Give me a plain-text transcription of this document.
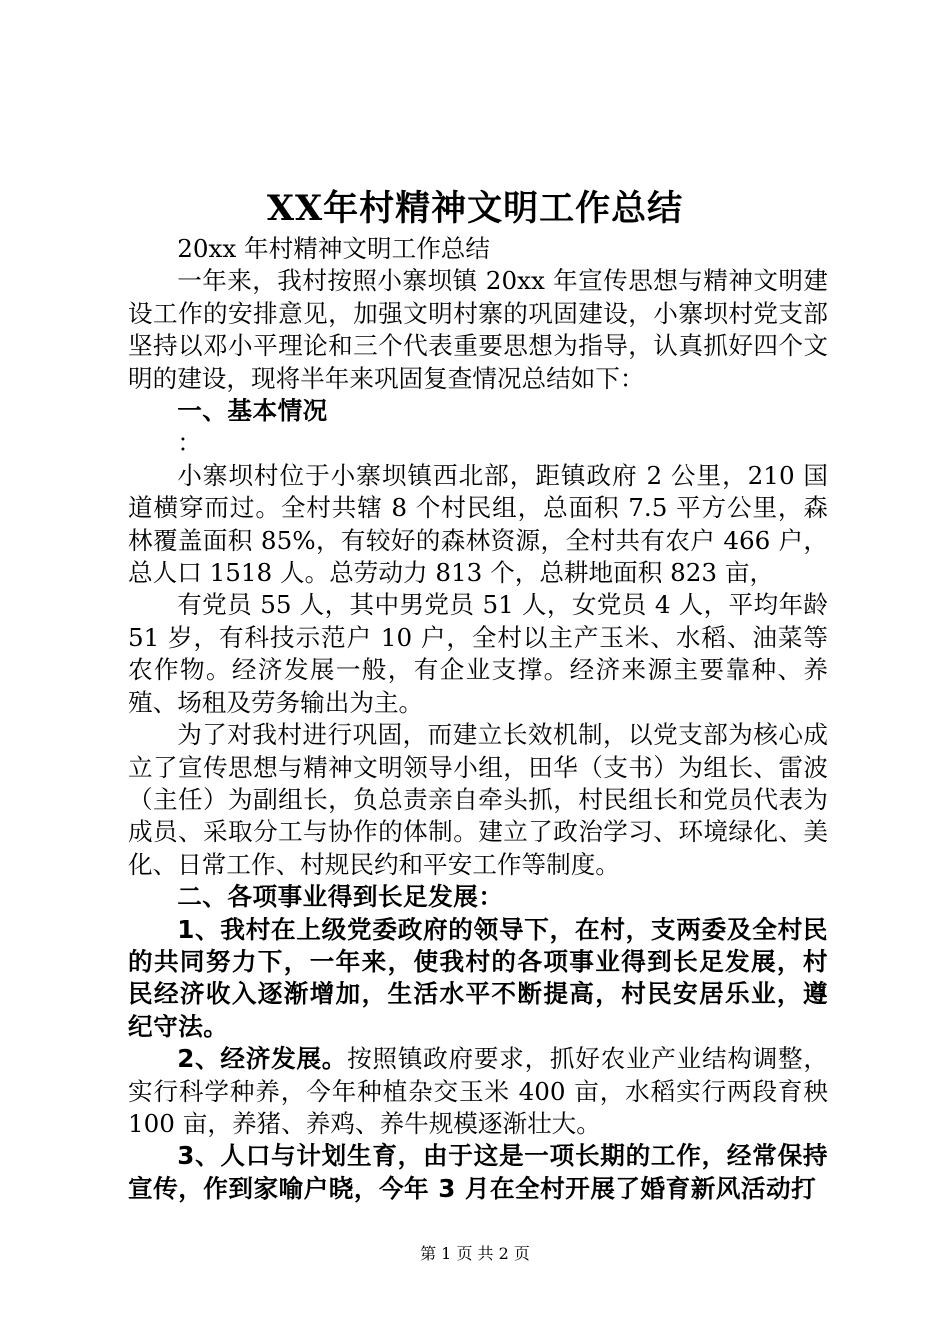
XX年村精神文明工作总结

20xx 年村精神文明工作总结

一年来，我村按照小寨坝镇 20xx 年宣传思想与精神文明建设工作的安排意见，加强文明村寨的巩固建设，小寨坝村党支部坚持以邓小平理论和三个代表重要思想为指导，认真抓好四个文明的建设，现将半年来巩固复查情况总结如下：

一、基本情况

：

小寨坝村位于小寨坝镇西北部，距镇政府 2 公里，210 国道横穿而过。全村共辖 8 个村民组，总面积 7.5 平方公里，森林覆盖面积 85%，有较好的森林资源，全村共有农户 466 户，总人口 1518 人。总劳动力 813 个，总耕地面积 823 亩，

有党员 55 人，其中男党员 51 人，女党员 4 人，平均年龄 51 岁，有科技示范户 10 户，全村以主产玉米、水稻、油菜等农作物。经济发展一般，有企业支撑。经济来源主要靠种、养殖、场租及劳务输出为主。

为了对我村进行巩固，而建立长效机制，以党支部为核心成立了宣传思想与精神文明领导小组，田华（支书）为组长、雷波（主任）为副组长，负总责亲自牵头抓，村民组长和党员代表为成员、采取分工与协作的体制。建立了政治学习、环境绿化、美化、日常工作、村规民约和平安工作等制度。

二、各项事业得到长足发展：

1、我村在上级党委政府的领导下，在村，支两委及全村民的共同努力下，一年来，使我村的各项事业得到长足发展，村民经济收入逐渐增加，生活水平不断提高，村民安居乐业，遵纪守法。

2、经济发展。按照镇政府要求，抓好农业产业结构调整，实行科学种养，今年种植杂交玉米 400 亩，水稻实行两段育秧 100 亩，养猪、养鸡、养牛规模逐渐壮大。

3、人口与计划生育，由于这是一项长期的工作，经常保持宣传，作到家喻户晓，今年 3 月在全村开展了婚育新风活动打

第 1 页 共 2 页
